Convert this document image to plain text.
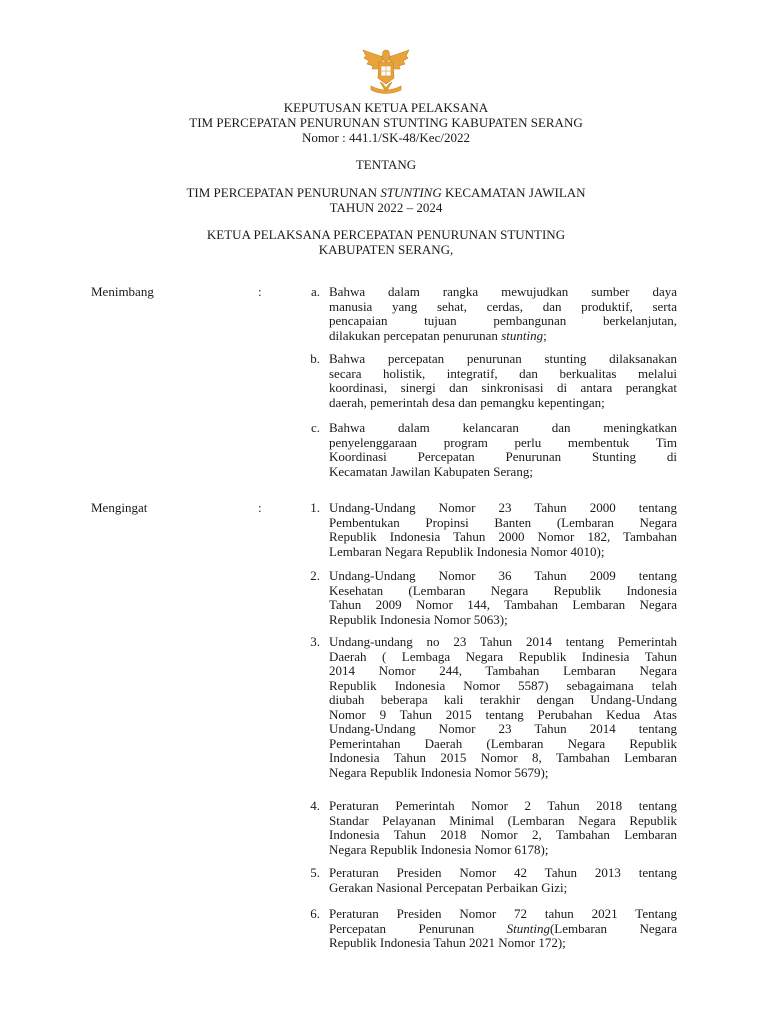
KEPUTUSAN KETUA PELAKSANA
TIM PERCEPATAN PENURUNAN STUNTING KABUPATEN SERANG
Nomor : 441.1/SK-48/Kec/2022
TENTANG
TIM PERCEPATAN PENURUNAN STUNTING KECAMATAN JAWILAN
TAHUN 2022 – 2024
KETUA PELAKSANA PERCEPATAN PENURUNAN STUNTING
KABUPATEN SERANG,
Menimbang	:	a. Bahwa dalam rangka mewujudkan sumber daya
manusia yang sehat, cerdas, dan produktif, serta
pencapaian tujuan pembangunan berkelanjutan,
dilakukan percepatan penurunan stunting;
b. Bahwa percepatan penurunan stunting dilaksanakan
secara holistik, integratif, dan berkualitas melalui
koordinasi, sinergi dan sinkronisasi di antara perangkat
daerah, pemerintah desa dan pemangku kepentingan;
c. Bahwa dalam kelancaran dan meningkatkan
penyelenggaraan program perlu membentuk Tim
Koordinasi Percepatan Penurunan Stunting di
Kecamatan Jawilan Kabupaten Serang;
Mengingat	:	1. Undang-Undang Nomor 23 Tahun 2000 tentang
Pembentukan Propinsi Banten (Lembaran Negara
Republik Indonesia Tahun 2000 Nomor 182, Tambahan
Lembaran Negara Republik Indonesia Nomor 4010);
2. Undang-Undang Nomor 36 Tahun 2009 tentang
Kesehatan (Lembaran Negara Republik Indonesia
Tahun 2009 Nomor 144, Tambahan Lembaran Negara
Republik Indonesia Nomor 5063);
3. Undang-undang no 23 Tahun 2014 tentang Pemerintah
Daerah ( Lembaga Negara Republik Indinesia Tahun
2014 Nomor 244, Tambahan Lembaran Negara
Republik Indonesia Nomor 5587) sebagaimana telah
diubah beberapa kali terakhir dengan Undang-Undang
Nomor 9 Tahun 2015 tentang Perubahan Kedua Atas
Undang-Undang Nomor 23 Tahun 2014 tentang
Pemerintahan Daerah (Lembaran Negara Republik
Indonesia Tahun 2015 Nomor 8, Tambahan Lembaran
Negara Republik Indonesia Nomor 5679);
4. Peraturan Pemerintah Nomor 2 Tahun 2018 tentang
Standar Pelayanan Minimal (Lembaran Negara Republik
Indonesia Tahun 2018 Nomor 2, Tambahan Lembaran
Negara Republik Indonesia Nomor 6178);
5. Peraturan Presiden Nomor 42 Tahun 2013 tentang
Gerakan Nasional Percepatan Perbaikan Gizi;
6. Peraturan Presiden Nomor 72 tahun 2021 Tentang
Percepatan Penurunan Stunting(Lembaran Negara
Republik Indonesia Tahun 2021 Nomor 172);
